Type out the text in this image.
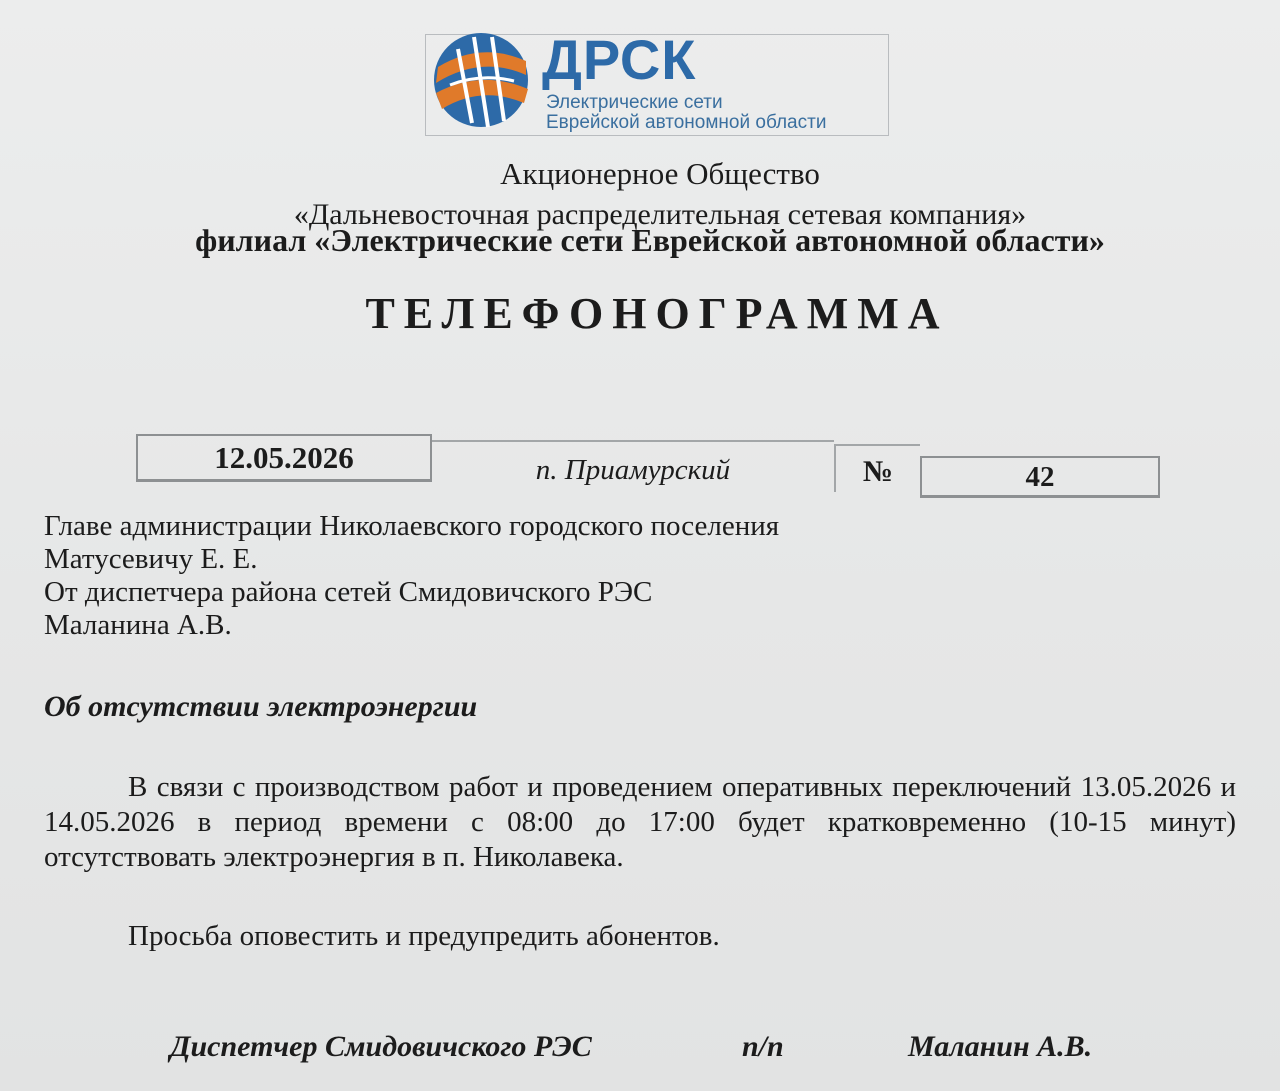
ДРСК
Электрические сети
Еврейской автономной области
Акционерное Общество
«Дальневосточная распределительная сетевая компания»
филиал «Электрические сети Еврейской автономной области»
ТЕЛЕФОНОГРАММА
12.05.2026	п. Приамурский	№	42
Главе администрации Николаевского городского поселения
Матусевичу Е. Е.
От диспетчера района сетей Смидовичского РЭС
Маланина А.В.
Об отсутствии электроэнергии
В связи с производством работ и проведением оперативных переключений 13.05.2026 и 14.05.2026 в период времени с 08:00 до 17:00 будет кратковременно (10-15 минут) отсутствовать электроэнергия в п. Николавека.
Просьба оповестить и предупредить абонентов.
Диспетчер Смидовичского РЭС	п/п	Маланин А.В.
